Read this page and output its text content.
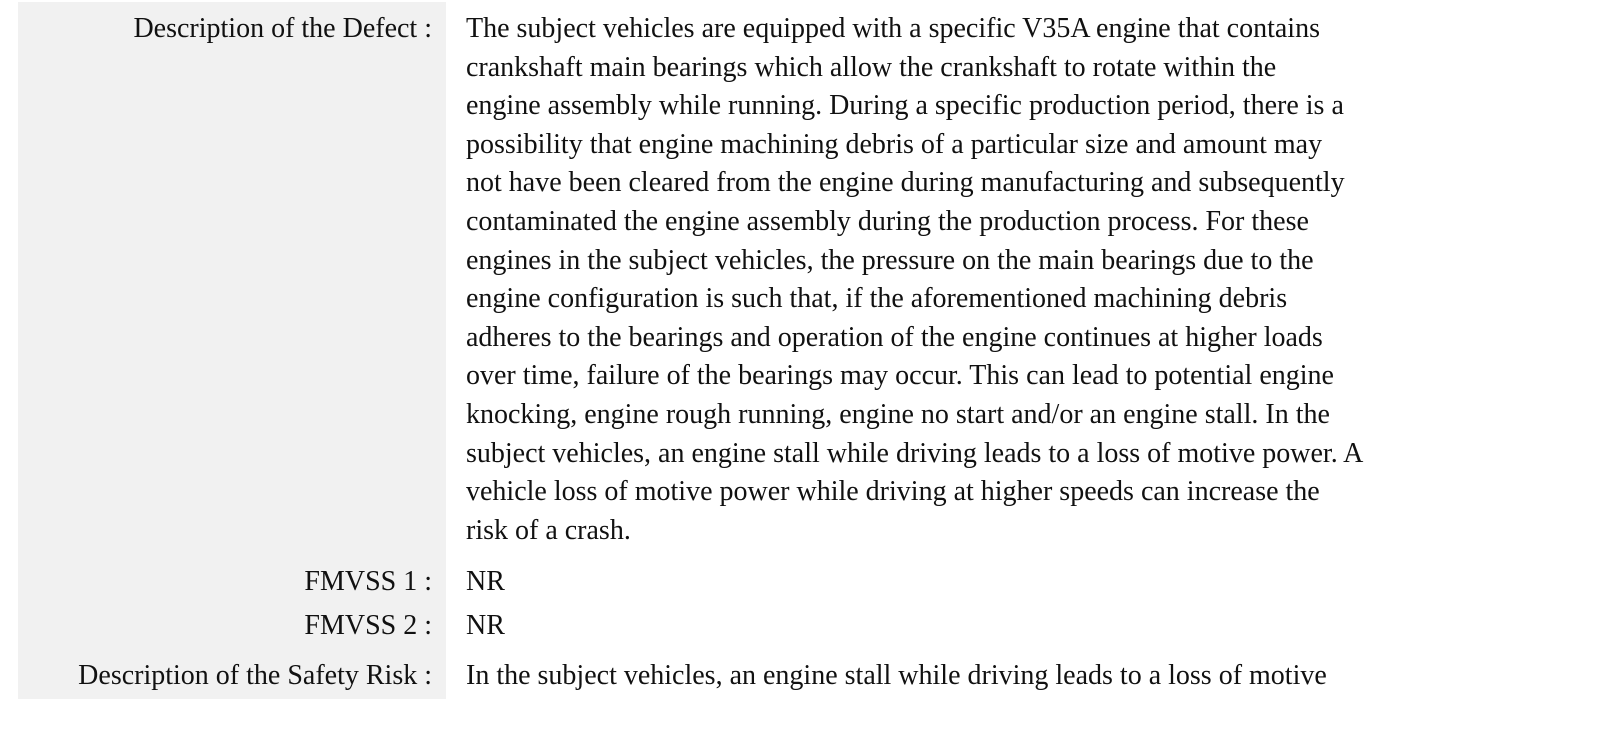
Description of the Defect :	The subject vehicles are equipped with a specific V35A engine that contains
crankshaft main bearings which allow the crankshaft to rotate within the
engine assembly while running. During a specific production period, there is a
possibility that engine machining debris of a particular size and amount may
not have been cleared from the engine during manufacturing and subsequently
contaminated the engine assembly during the production process. For these
engines in the subject vehicles, the pressure on the main bearings due to the
engine configuration is such that, if the aforementioned machining debris
adheres to the bearings and operation of the engine continues at higher loads
over time, failure of the bearings may occur. This can lead to potential engine
knocking, engine rough running, engine no start and/or an engine stall. In the
subject vehicles, an engine stall while driving leads to a loss of motive power. A
vehicle loss of motive power while driving at higher speeds can increase the
risk of a crash.
FMVSS 1 :	NR
FMVSS 2 :	NR
Description of the Safety Risk :	In the subject vehicles, an engine stall while driving leads to a loss of motive
